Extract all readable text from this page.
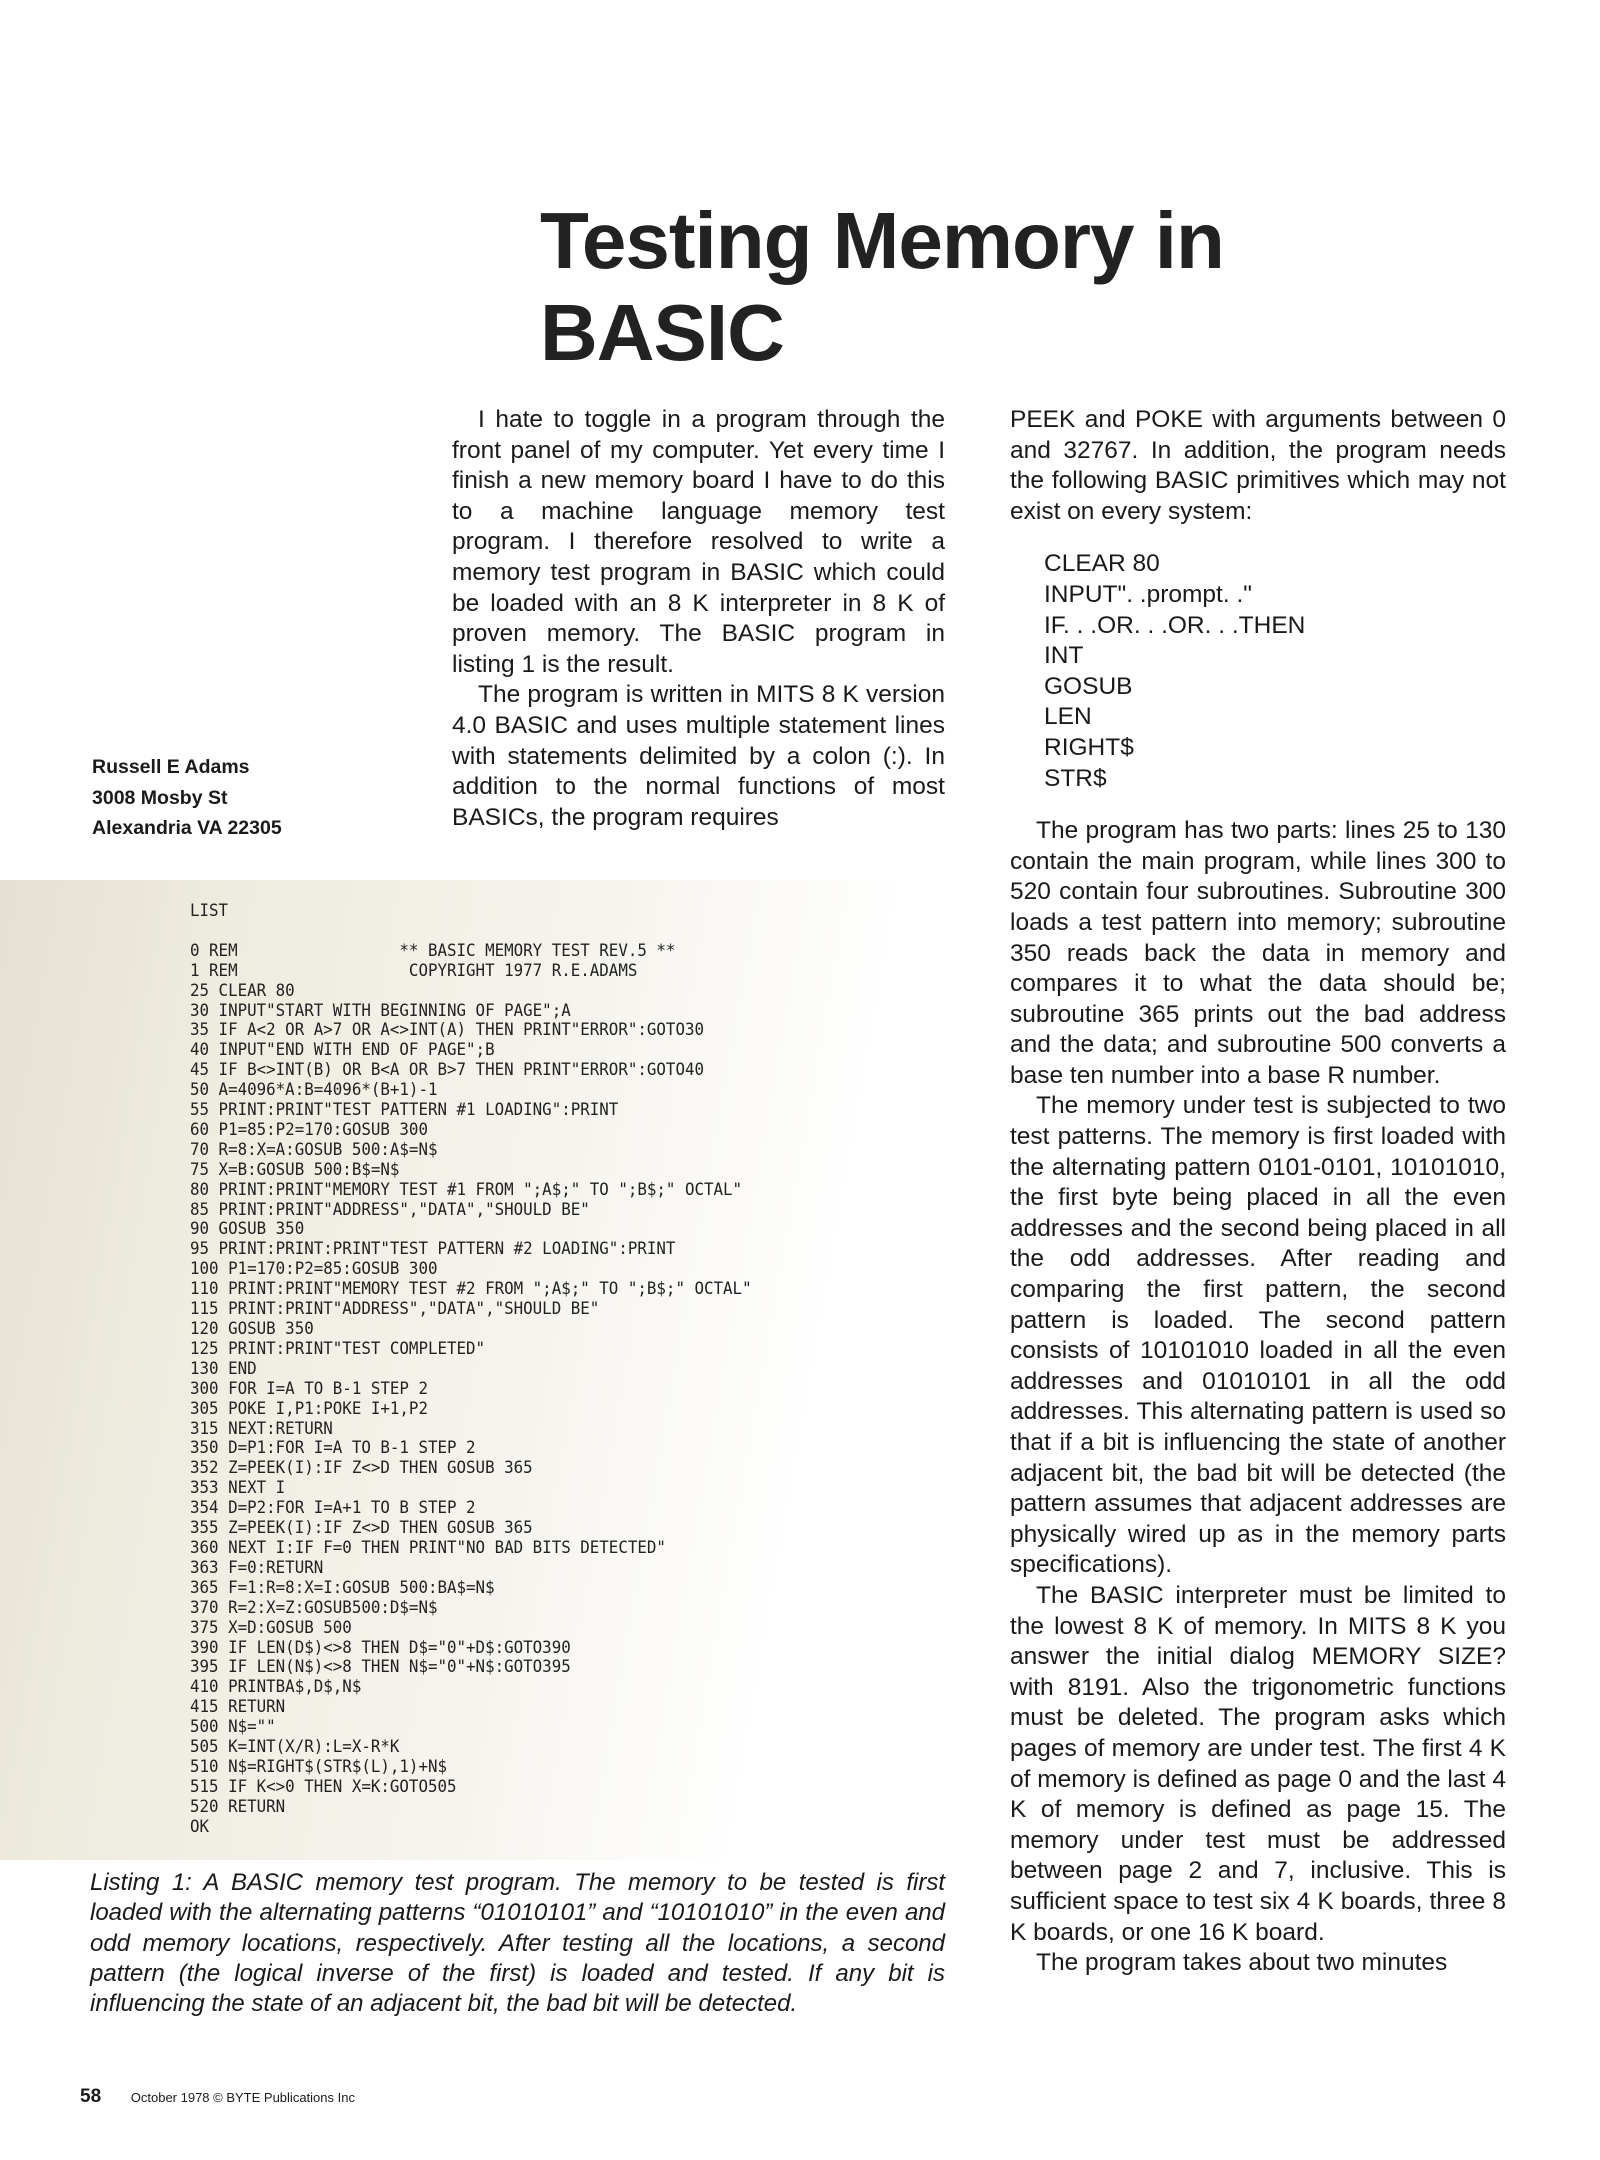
Testing Memory in BASIC

I hate to toggle in a program through the front panel of my computer. Yet every time I finish a new memory board I have to do this to a machine language memory test program. I therefore resolved to write a memory test program in BASIC which could be loaded with an 8 K interpreter in 8 K of proven memory. The BASIC program in listing 1 is the result.

The program is written in MITS 8 K version 4.0 BASIC and uses multiple statement lines with statements delimited by a colon (:). In addition to the normal functions of most BASICs, the program requires

Russell E Adams
3008 Mosby St
Alexandria VA 22305

PEEK and POKE with arguments between 0 and 32767. In addition, the program needs the following BASIC primitives which may not exist on every system:

CLEAR 80
INPUT". .prompt. ."
IF. . .OR. . .OR. . .THEN
INT
GOSUB
LEN
RIGHT$
STR$

The program has two parts: lines 25 to 130 contain the main program, while lines 300 to 520 contain four subroutines. Subroutine 300 loads a test pattern into memory; subroutine 350 reads back the data in memory and compares it to what the data should be; subroutine 365 prints out the bad address and the data; and subroutine 500 converts a base ten number into a base R number.

The memory under test is subjected to two test patterns. The memory is first loaded with the alternating pattern 0101-0101, 10101010, the first byte being placed in all the even addresses and the second being placed in all the odd addresses. After reading and comparing the first pattern, the second pattern is loaded. The second pattern consists of 10101010 loaded in all the even addresses and 01010101 in all the odd addresses. This alternating pattern is used so that if a bit is influencing the state of another adjacent bit, the bad bit will be detected (the pattern assumes that adjacent addresses are physically wired up as in the memory parts specifications).

The BASIC interpreter must be limited to the lowest 8 K of memory. In MITS 8 K you answer the initial dialog MEMORY SIZE? with 8191. Also the trigonometric functions must be deleted. The program asks which pages of memory are under test. The first 4 K of memory is defined as page 0 and the last 4 K of memory is defined as page 15. The memory under test must be addressed between page 2 and 7, inclusive. This is sufficient space to test six 4 K boards, three 8 K boards, or one 16 K board.

The program takes about two minutes

LIST
0 REM                 ** BASIC MEMORY TEST REV.5 **
1 REM                  COPYRIGHT 1977 R.E.ADAMS
25 CLEAR 80
30 INPUT"START WITH BEGINNING OF PAGE";A
35 IF A<2 OR A>7 OR A<>INT(A) THEN PRINT"ERROR":GOTO30
40 INPUT"END WITH END OF PAGE";B
45 IF B<>INT(B) OR B<A OR B>7 THEN PRINT"ERROR":GOTO40
50 A=4096*A:B=4096*(B+1)-1
55 PRINT:PRINT"TEST PATTERN #1 LOADING":PRINT
60 P1=85:P2=170:GOSUB 300
70 R=8:X=A:GOSUB 500:A$=N$
75 X=B:GOSUB 500:B$=N$
80 PRINT:PRINT"MEMORY TEST #1 FROM ";A$;" TO ";B$;" OCTAL"
85 PRINT:PRINT"ADDRESS","DATA","SHOULD BE"
90 GOSUB 350
95 PRINT:PRINT:PRINT"TEST PATTERN #2 LOADING":PRINT
100 P1=170:P2=85:GOSUB 300
110 PRINT:PRINT"MEMORY TEST #2 FROM ";A$;" TO ";B$;" OCTAL"
115 PRINT:PRINT"ADDRESS","DATA","SHOULD BE"
120 GOSUB 350
125 PRINT:PRINT"TEST COMPLETED"
130 END
300 FOR I=A TO B-1 STEP 2
305 POKE I,P1:POKE I+1,P2
315 NEXT:RETURN
350 D=P1:FOR I=A TO B-1 STEP 2
352 Z=PEEK(I):IF Z<>D THEN GOSUB 365
353 NEXT I
354 D=P2:FOR I=A+1 TO B STEP 2
355 Z=PEEK(I):IF Z<>D THEN GOSUB 365
360 NEXT I:IF F=0 THEN PRINT"NO BAD BITS DETECTED"
363 F=0:RETURN
365 F=1:R=8:X=I:GOSUB 500:BA$=N$
370 R=2:X=Z:GOSUB500:D$=N$
375 X=D:GOSUB 500
390 IF LEN(D$)<>8 THEN D$="0"+D$:GOTO390
395 IF LEN(N$)<>8 THEN N$="0"+N$:GOTO395
410 PRINTBA$,D$,N$
415 RETURN
500 N$=""
505 K=INT(X/R):L=X-R*K
510 N$=RIGHT$(STR$(L),1)+N$
515 IF K<>0 THEN X=K:GOTO505
520 RETURN
OK
Listing 1: A BASIC memory test program. The memory to be tested is first loaded with the alternating patterns “01010101” and “10101010” in the even and odd memory locations, respectively. After testing all the locations, a second pattern (the logical inverse of the first) is loaded and tested. If any bit is influencing the state of an adjacent bit, the bad bit will be detected.
58 October 1978 © BYTE Publications Inc
